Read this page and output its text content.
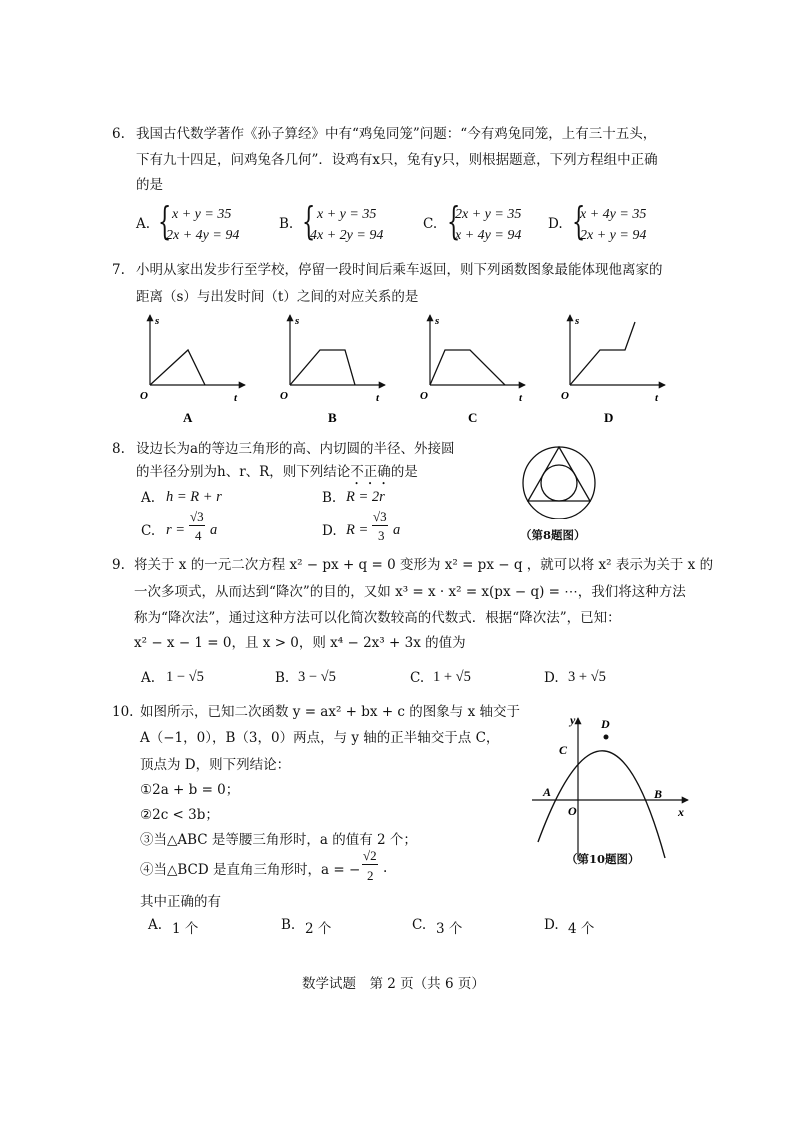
6. 我国古代数学著作《孙子算经》中有“鸡兔同笼”问题：“今有鸡兔同笼，上有三十五头，
下有九十四足，问鸡兔各几何”．设鸡有x只，兔有y只，则根据题意，下列方程组中正确
的是
A. { x + y = 35
2x + 4y = 94
B. { x + y = 35
4x + 2y = 94
C. {
2x + y = 35
x + 4y = 94
D. {
x + 4y = 35
2x + y = 94
7. 小明从家出发步行至学校，停留一段时间后乘车返回，则下列函数图象最能体现他离家的
距离（s）与出发时间（t）之间的对应关系的是
s
O	t
s
O	t
s
O	t
s
O	t
A	B	C	D
8. 设边长为a的等边三角形的高、内切圆的半径、外接圆
的半径分别为h、r、R，则下列结论不正确的是
A. h = R + r	B. R = 2r
C. r =
√3
4 a	D. R =
√3
3 a	（第8题图）
9. 将关于 x 的一元二次方程 x² − px + q = 0 变形为 x² = px − q ，就可以将 x² 表示为关于 x 的
一次多项式，从而达到“降次”的目的，又如 x³ = x · x² = x(px − q) = ⋯，我们将这种方法
称为“降次法”，通过这种方法可以化简次数较高的代数式．根据“降次法”，已知：
x² − x − 1 = 0，且 x > 0，则 x⁴ − 2x³ + 3x 的值为
A. 1 − √5	B. 3 − √5	C. 1 + √5	D. 3 + √5
10. 如图所示，已知二次函数 y = ax² + bx + c 的图象与 x 轴交于
A（−1，0），B（3，0）两点，与 y 轴的正半轴交于点 C，
顶点为 D，则下列结论：
①2a + b = 0；
②2c < 3b；
③当△ABC 是等腰三角形时，a 的值有 2 个；
④当△BCD 是直角三角形时，a = −
√2
2 .
其中正确的有
A. 1 个	B. 2 个	C. 3 个	D. 4 个
y D
C
A
O
B
x
（第10题图）
数学试题　第 2 页（共 6 页）
